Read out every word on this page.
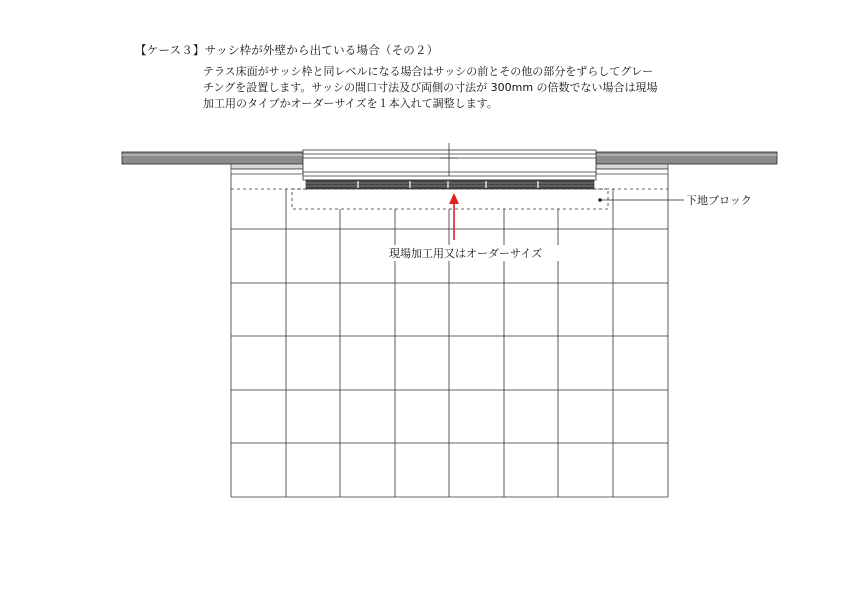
【ケース３】サッシ枠が外壁から出ている場合（その２）
テラス床面がサッシ枠と同レベルになる場合はサッシの前とその他の部分をずらしてグレー
チングを設置します。サッシの間口寸法及び両側の寸法が 300mm の倍数でない場合は現場
加工用のタイプかオーダーサイズを１本入れて調整します。
下地ブロック
現場加工用又はオーダーサイズ
